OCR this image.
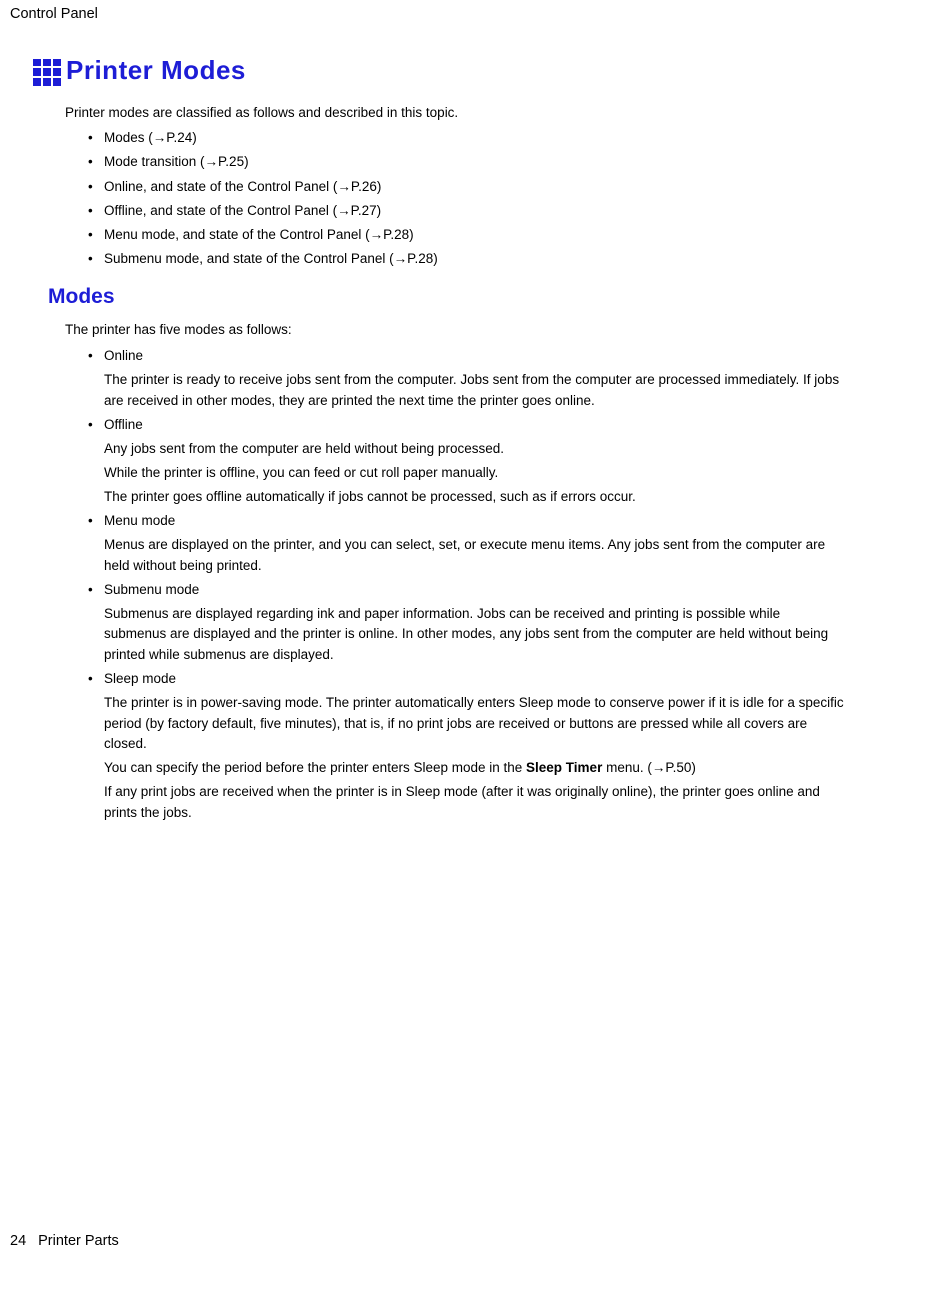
Control Panel
Printer Modes

Printer modes are classified as follows and described in this topic.

• Modes (→P.24)
• Mode transition (→P.25)
• Online, and state of the Control Panel (→P.26)
• Offline, and state of the Control Panel (→P.27)
• Menu mode, and state of the Control Panel (→P.28)
• Submenu mode, and state of the Control Panel (→P.28)
Modes

The printer has five modes as follows:

• Online

The printer is ready to receive jobs sent from the computer. Jobs sent from the computer are processed immediately. If jobs are received in other modes, they are printed the next time the printer goes online.

• Offline

Any jobs sent from the computer are held without being processed.

While the printer is offline, you can feed or cut roll paper manually.

The printer goes offline automatically if jobs cannot be processed, such as if errors occur.

• Menu mode

Menus are displayed on the printer, and you can select, set, or execute menu items. Any jobs sent from the computer are held without being printed.

• Submenu mode

Submenus are displayed regarding ink and paper information. Jobs can be received and printing is possible while submenus are displayed and the printer is online. In other modes, any jobs sent from the computer are held without being printed while submenus are displayed.

• Sleep mode

The printer is in power-saving mode. The printer automatically enters Sleep mode to conserve power if it is idle for a specific period (by factory default, five minutes), that is, if no print jobs are received or buttons are pressed while all covers are closed.

You can specify the period before the printer enters Sleep mode in the Sleep Timer menu. (→P.50)

If any print jobs are received when the printer is in Sleep mode (after it was originally online), the printer goes online and prints the jobs.

24 Printer Parts
